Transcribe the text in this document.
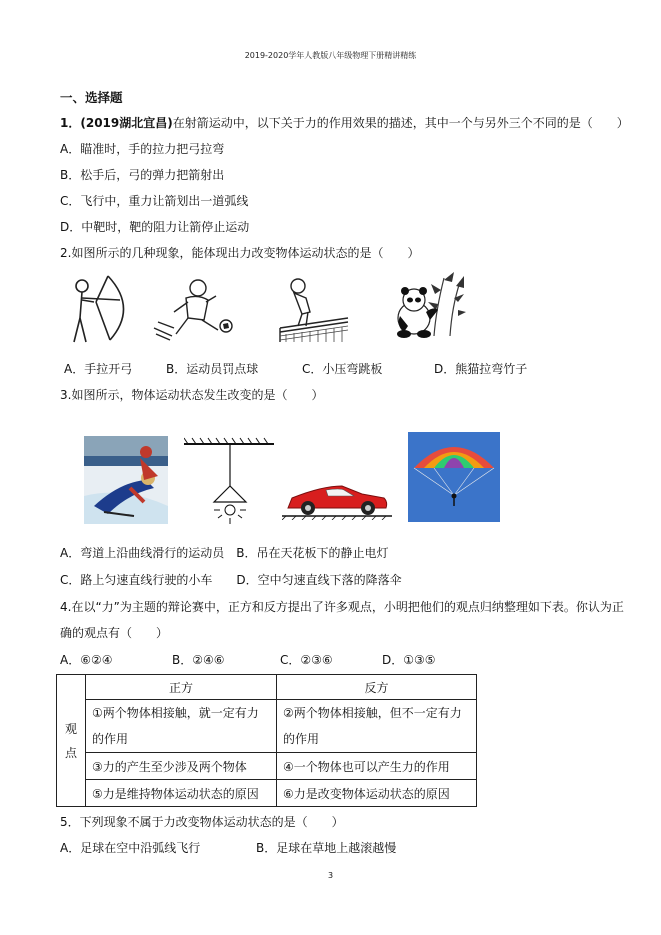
2019-2020学年人教版八年级物理下册精讲精练
一、选择题
1．(2019湖北宜昌)在射箭运动中，以下关于力的作用效果的描述，其中一个与另外三个不同的是（　　）
A．瞄准时，手的拉力把弓拉弯
B．松手后，弓的弹力把箭射出
C．飞行中，重力让箭划出一道弧线
D．中靶时，靶的阻力让箭停止运动
2.如图所示的几种现象，能体现出力改变物体运动状态的是（　　）
A．手拉开弓	B．运动员罚点球	C．小压弯跳板	D．熊猫拉弯竹子
3.如图所示，物体运动状态发生改变的是（　　）
A．弯道上沿曲线滑行的运动员　B．吊在天花板下的静止电灯
C．路上匀速直线行驶的小车　　D．空中匀速直线下落的降落伞
4.在以“力”为主题的辩论赛中，正方和反方提出了许多观点，小明把他们的观点归纳整理如下表。你认为正
确的观点有（　　）
A．⑥②④	B．②④⑥	C．②③⑥	D．①③⑤
观点	正方	反方
	①两个物体相接触，就一定有力的作用	②两个物体相接触，但不一定有力的作用
	③力的产生至少涉及两个物体	④一个物体也可以产生力的作用
	⑤力是维持物体运动状态的原因	⑥力是改变物体运动状态的原因
5．下列现象不属于力改变物体运动状态的是（　　）
A．足球在空中沿弧线飞行	B．足球在草地上越滚越慢
3
